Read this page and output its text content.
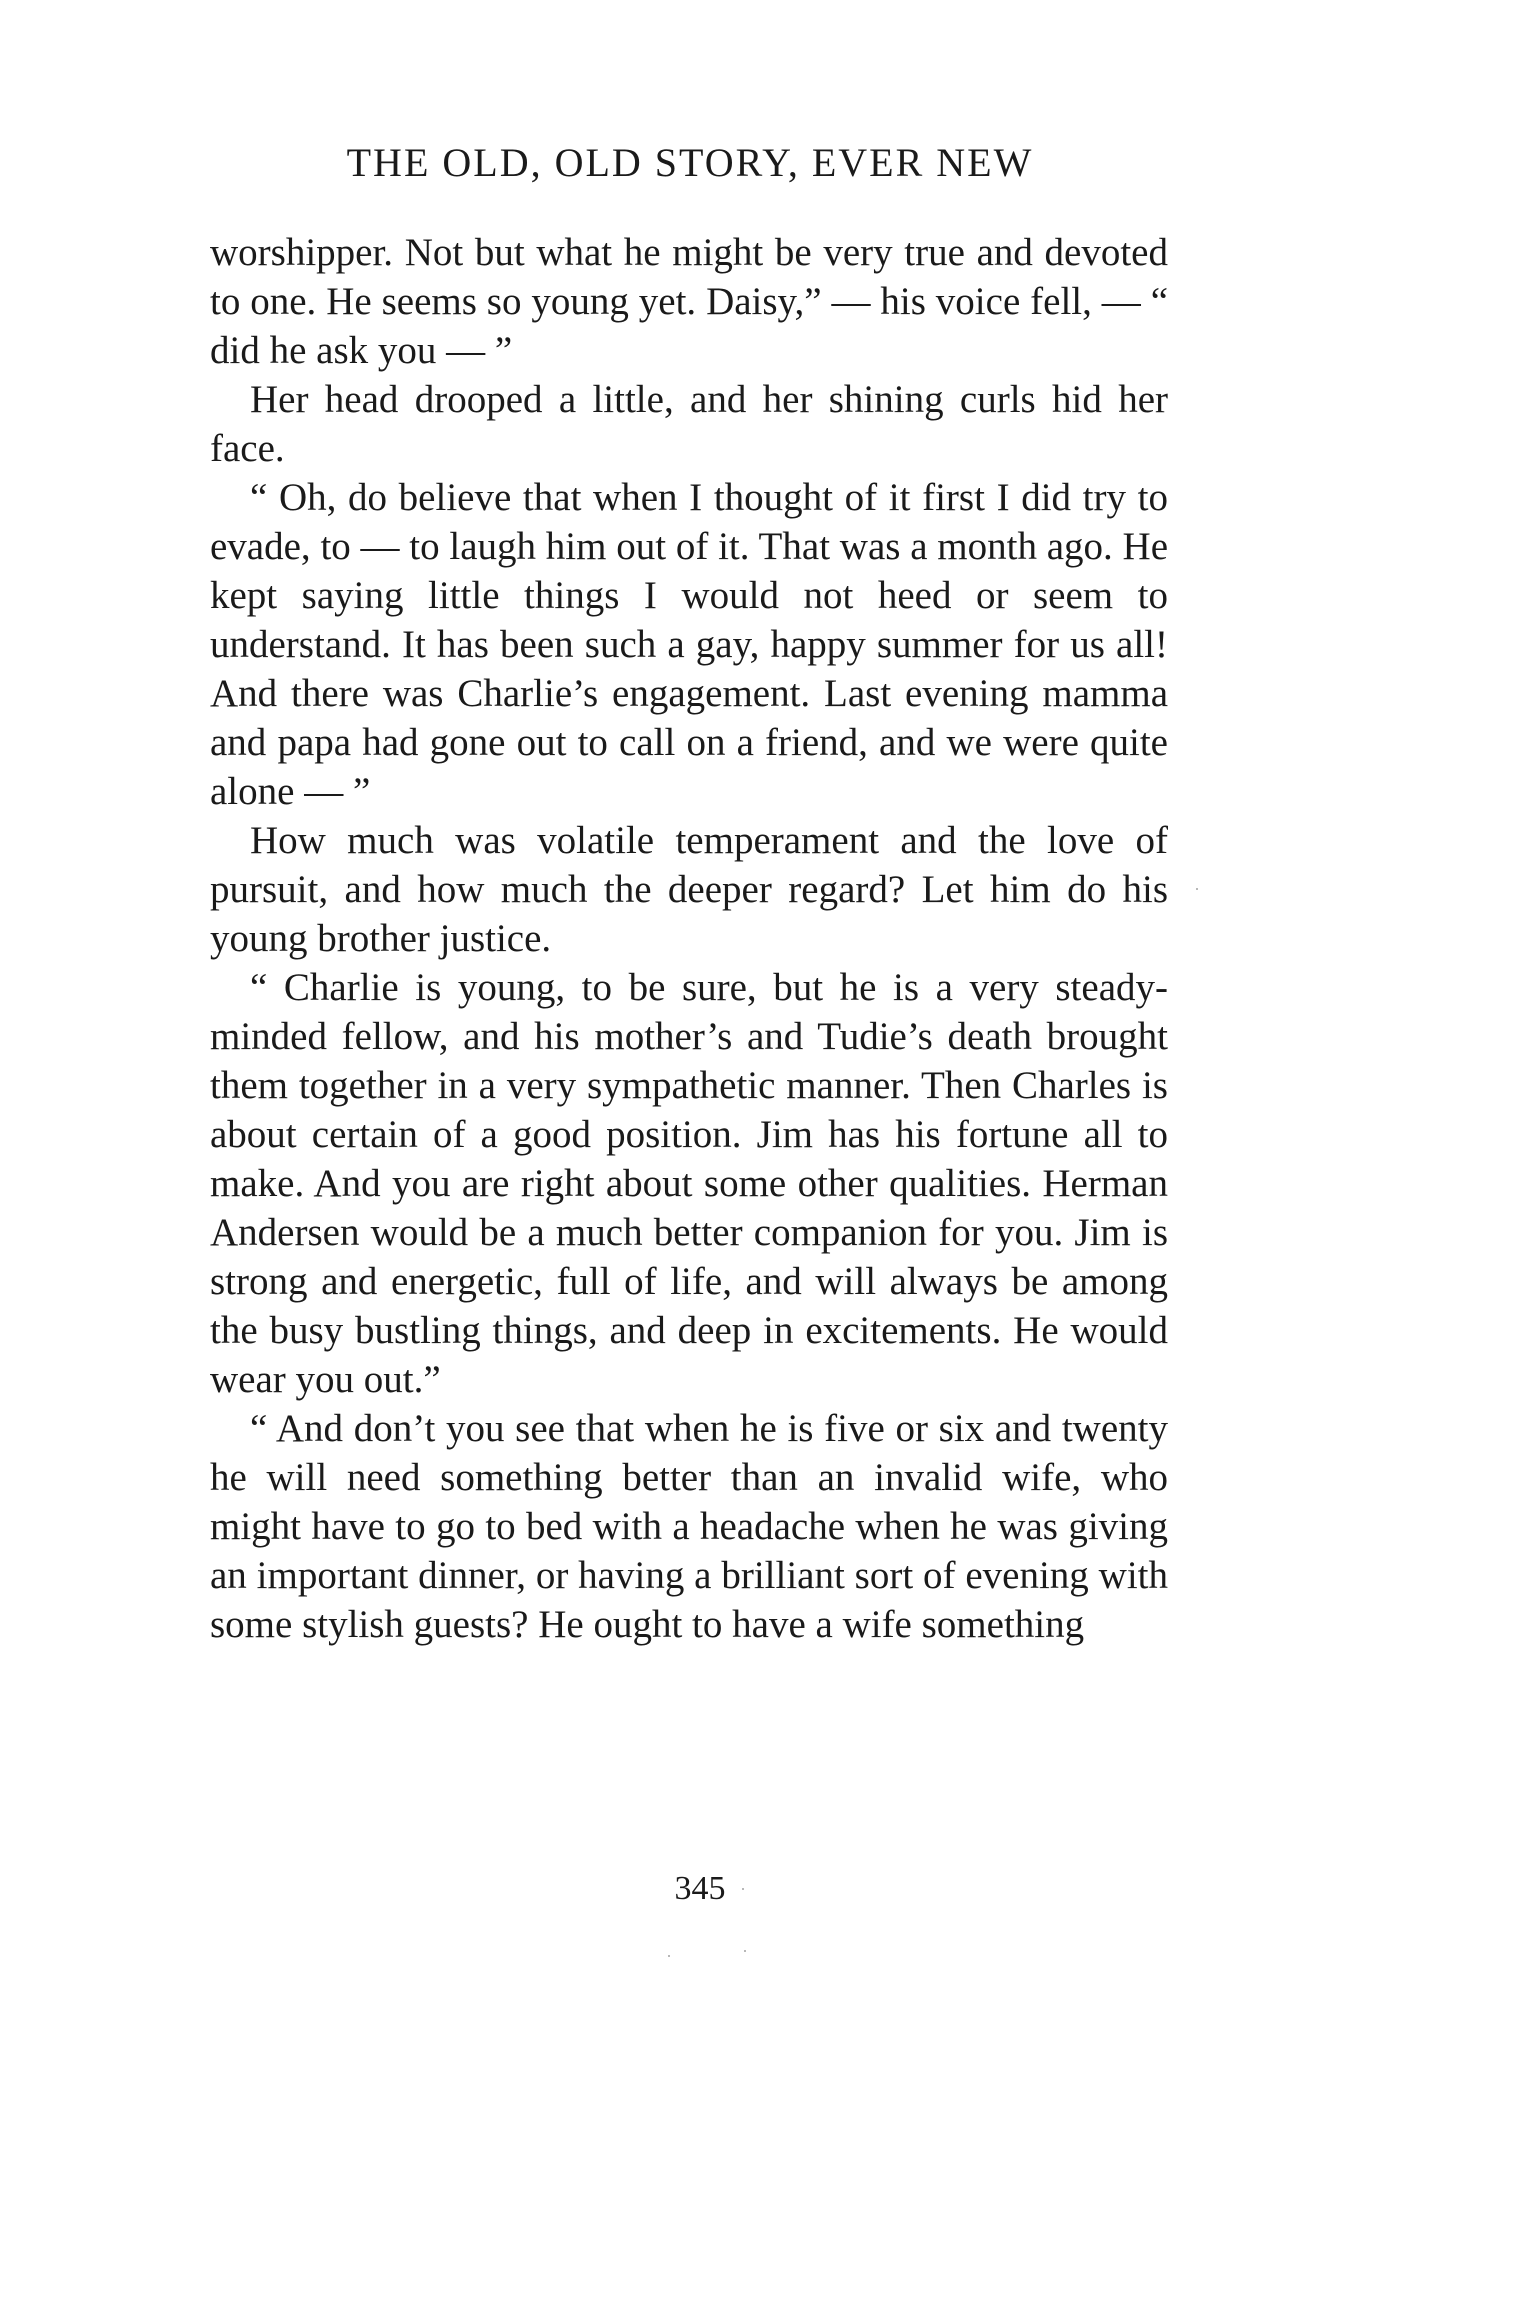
THE OLD, OLD STORY, EVER NEW

worshipper. Not but what he might be very true and devoted to one. He seems so young yet. Daisy,” — his voice fell, — “ did he ask you — ”

Her head drooped a little, and her shining curls hid her face.

“ Oh, do believe that when I thought of it first I did try to evade, to — to laugh him out of it. That was a month ago. He kept saying little things I would not heed or seem to understand. It has been such a gay, happy summer for us all! And there was Charlie’s engagement. Last evening mamma and papa had gone out to call on a friend, and we were quite alone — ”

How much was volatile temperament and the love of pursuit, and how much the deeper regard? Let him do his young brother justice.

“ Charlie is young, to be sure, but he is a very steady-minded fellow, and his mother’s and Tudie’s death brought them together in a very sympathetic manner. Then Charles is about certain of a good position. Jim has his fortune all to make. And you are right about some other qualities. Herman Andersen would be a much better companion for you. Jim is strong and energetic, full of life, and will always be among the busy bustling things, and deep in excitements. He would wear you out.”

“ And don’t you see that when he is five or six and twenty he will need something better than an invalid wife, who might have to go to bed with a headache when he was giving an important dinner, or having a brilliant sort of evening with some stylish guests? He ought to have a wife something

345
